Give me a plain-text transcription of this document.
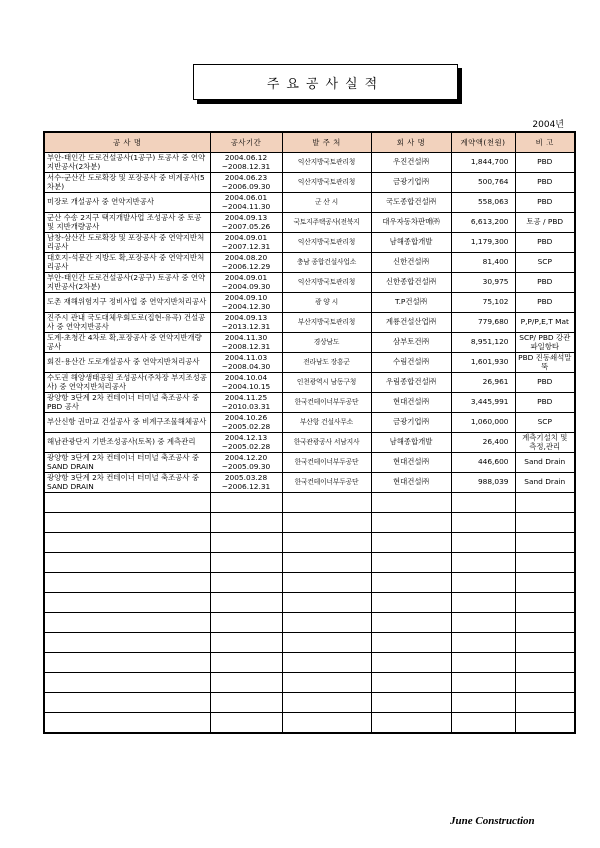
주요공사실적
2004년
공 사 명	공사기간	발 주 처	회 사 명	계약액(천원)	비 고
부안-태인간 도로건설공사(1공구) 토공사 중 연약지반공사(2차분)	2004.06.12 ~2008.12.31	익산지방국토관리청	우진건설㈜	1,844,700	PBD
서수-군산간 도로확장 및 포장공사 중 비계공사(5차분)	2004.06.23 ~2006.09.30	익산지방국토관리청	금광기업㈜	500,764	PBD
미장로 개설공사 중 연약지반공사	2004.06.01 ~2004.11.30	군 산 시	국도종합건설㈜	558,063	PBD
군산 수송 2지구 택지개발사업 조성공사 중 토공 및 지반개량공사	2004.09.13 ~2007.05.26	국토지주택공사(전북지	대우자동차판매㈜	6,613,200	토공 / PBD
남창-삼산간 도로확장 및 포장공사 중 연약지반처리공사	2004.09.01 ~2007.12.31	익산지방국토관리청	남해종합개발	1,179,300	PBD
대호지-석문간 지방도 확,포장공사 중 연약지반처리공사	2004.08.20 ~2006.12.29	충남 종합건설사업소	신한건설㈜	81,400	SCP
부안-태인간 도로건설공사(2공구) 토공사 중 연약지반공사(2차분)	2004.09.01 ~2004.09.30	익산지방국토관리청	신한종합건설㈜	30,975	PBD
도촌 재해위험지구 정비사업 중 연약지반처리공사	2004.09.10 ~2004.12.30	광 양 시	T.P건설㈜	75,102	PBD
진주시 관내 국도대체우회도로(집현-유곡) 건설공사 중 연약지반공사	2004.09.13 ~2013.12.31	부산지방국토관리청	계룡건설산업㈜	779,680	P,P/P,E,T Mat
도계-초청간 4차로 확,포장공사 중 연약지반개량공사	2004.11.30 ~2008.12.31	경상남도	삼부토건㈜	8,951,120	SCP/ PBD 강관파일항타
회진-용산간 도로개설공사 중 연약지반처리공사	2004.11.03 ~2008.04.30	전라남도 장흥군	수림건설㈜	1,601,930	PBD 진동쇄석말뚝
수도권 해양생태공원 조성공사(주차장 부지조성공사) 중 연약지반처리공사	2004.10.04 ~2004.10.15	인천광역시 남동구청	우림종합건설㈜	26,961	PBD
광양항 3단계 2차 컨테이너 터미널 축조공사 중 PBD 공사	2004.11.25 ~2010.03.31	한국컨테이너부두공단	현대건설㈜	3,445,991	PBD
부산신항 권마교 건설공사 중 비계구조물해체공사	2004.10.26 ~2005.02.28	부산항 건설사무소	금광기업㈜	1,060,000	SCP
해남관광단지 기반조성공사(토목) 중 계측관리	2004.12.13 ~2005.02.28	한국관광공사 서남지사	남해종합개발	26,400	계측기설치 및 측정,관리
광양항 3단계 2차 컨테이너 터미널 축조공사 중 SAND DRAIN	2004.12.20 ~2005.09.30	한국컨테이너부두공단	현대건설㈜	446,600	Sand Drain
광양항 3단계 2차 컨테이너 터미널 축조공사 중 SAND DRAIN	2005.03.28 ~2006.12.31	한국컨테이너부두공단	현대건설㈜	988,039	Sand Drain

June Construction
